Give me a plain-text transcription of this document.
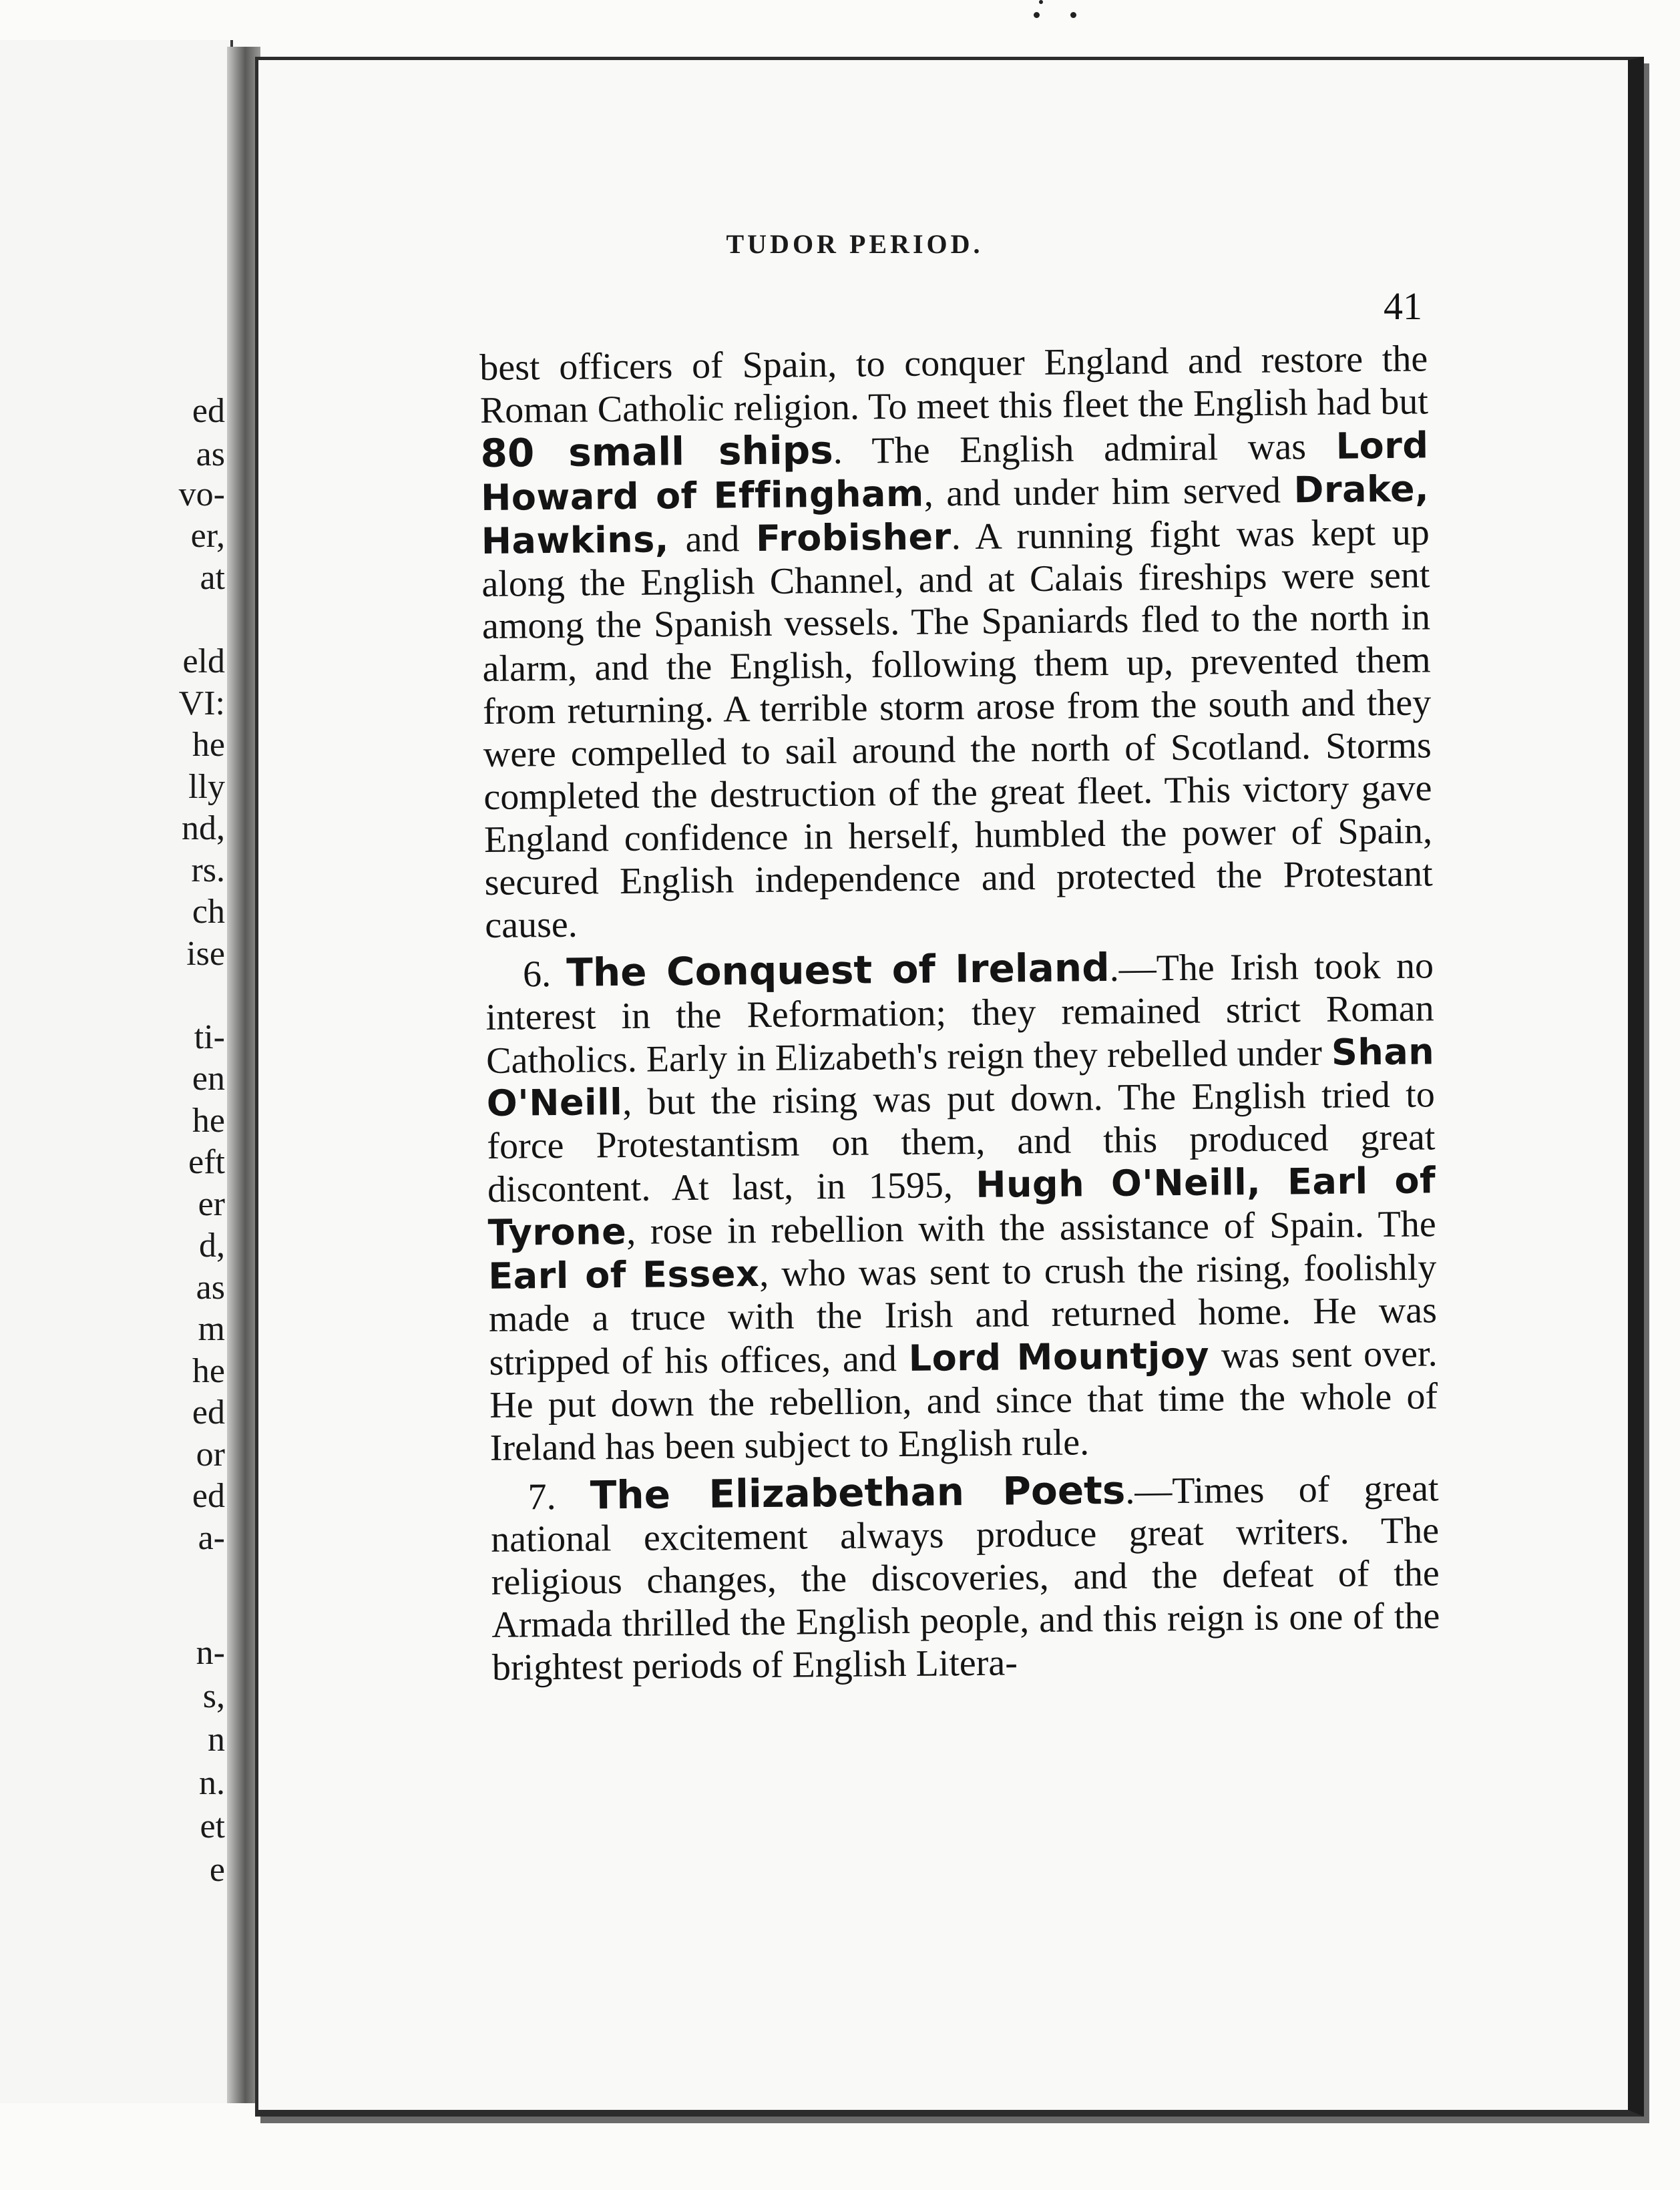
ed
as
vo-
er,
at
eld
VI:
he
lly
nd,
rs.
ch
ise
ti-
en
he
eft
er
d,
as
m
he
ed
or
ed
a-
n-
s,
n
n.
et
e
TUDOR PERIOD.
41

best officers of Spain, to conquer England and restore the Roman Catholic religion. To meet this fleet the English had but 80 small ships. The English admiral was Lord Howard of Effingham, and under him served Drake, Hawkins, and Frobisher. A running fight was kept up along the English Channel, and at Calais fireships were sent among the Spanish vessels. The Spaniards fled to the north in alarm, and the English, following them up, prevented them from returning. A terrible storm arose from the south and they were compelled to sail around the north of Scotland. Storms completed the destruction of the great fleet. This victory gave England confidence in herself, humbled the power of Spain, secured English independence and protected the Protestant cause.

6. The Conquest of Ireland.—The Irish took no interest in the Reformation; they remained strict Roman Catholics. Early in Elizabeth's reign they rebelled under Shan O'Neill, but the rising was put down. The English tried to force Protestantism on them, and this produced great discontent. At last, in 1595, Hugh O'Neill, Earl of Tyrone, rose in rebellion with the assistance of Spain. The Earl of Essex, who was sent to crush the rising, foolishly made a truce with the Irish and returned home. He was stripped of his offices, and Lord Mountjoy was sent over. He put down the rebellion, and since that time the whole of Ireland has been subject to English rule.

7. The Elizabethan Poets.—Times of great national excitement always produce great writers. The religious changes, the discoveries, and the defeat of the Armada thrilled the English people, and this reign is one of the brightest periods of English Litera-
